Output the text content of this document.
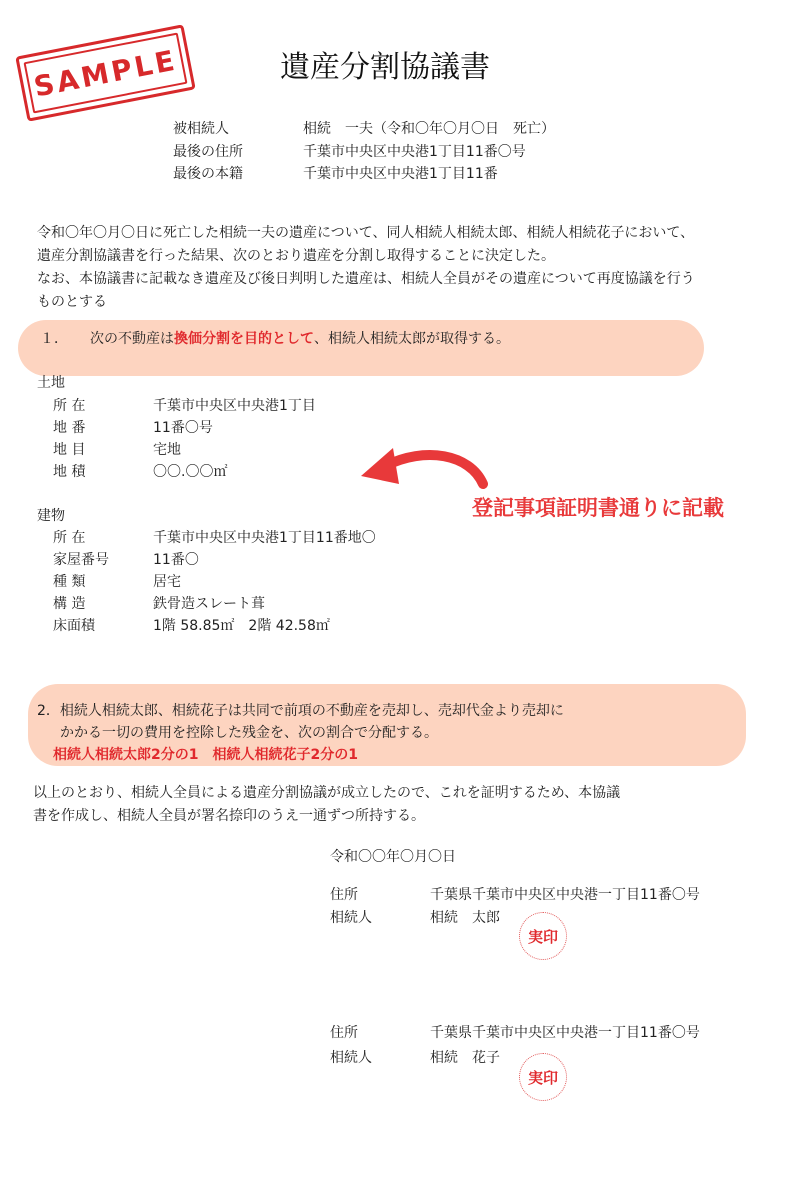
SAMPLE	遺産分割協議書
被相続人	相続　一夫（令和〇年〇月〇日　死亡）
最後の住所	千葉市中央区中央港1丁目11番〇号
最後の本籍	千葉市中央区中央港1丁目11番

令和〇年〇月〇日に死亡した相続一夫の遺産について、同人相続人相続太郎、相続人相続花子において、

遺産分割協議書を行った結果、次のとおり遺産を分割し取得することに決定した。

なお、本協議書に記載なき遺産及び後日判明した遺産は、相続人全員がその遺産について再度協議を行う

ものとする

１． 次の不動産は換価分割を目的として、相続人相続太郎が取得する。
土地
所 在	千葉市中央区中央港1丁目
地 番	11番〇号
地 目	宅地
地 積	〇〇.〇〇㎡
登記事項証明書通りに記載
建物
所 在	千葉市中央区中央港1丁目11番地〇
家屋番号	11番〇
種 類	居宅
構 造	鉄骨造スレート葺
床面積	1階 58.85㎡　2階 42.58㎡
2．相続人相続太郎、相続花子は共同で前項の不動産を売却し、売却代金より売却に
かかる一切の費用を控除した残金を、次の割合で分配する。
相続人相続太郎2分の1　相続人相続花子2分の1

以上のとおり、相続人全員による遺産分割協議が成立したので、これを証明するため、本協議

書を作成し、相続人全員が署名捺印のうえ一通ずつ所持する。

令和〇〇年〇月〇日
住所	千葉県千葉市中央区中央港一丁目11番〇号
相続人	相続　太郎
実印
住所	千葉県千葉市中央区中央港一丁目11番〇号
相続人	相続　花子
実印
